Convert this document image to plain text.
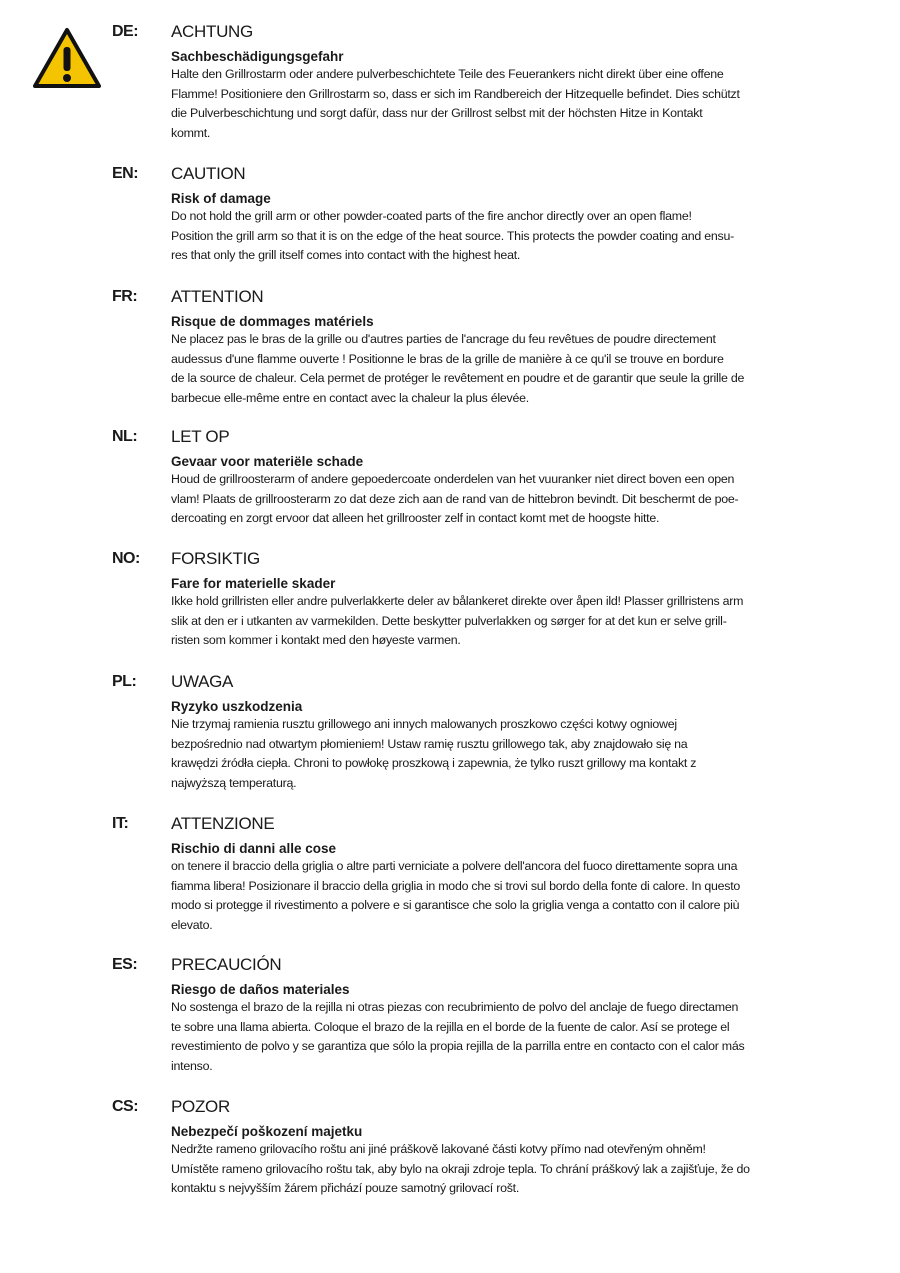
DE: ACHTUNG
Sachbeschädigungsgefahr
Halte den Grillrostarm oder andere pulverbeschichtete Teile des Feuerankers nicht direkt über eine offene
Flamme! Positioniere den Grillrostarm so, dass er sich im Randbereich der Hitzequelle befindet. Dies schützt
die Pulverbeschichtung und sorgt dafür, dass nur der Grillrost selbst mit der höchsten Hitze in Kontakt
kommt.
EN: CAUTION
Risk of damage
Do not hold the grill arm or other powder-coated parts of the fire anchor directly over an open flame!
Position the grill arm so that it is on the edge of the heat source. This protects the powder coating and ensu-
res that only the grill itself comes into contact with the highest heat.
FR: ATTENTION
Risque de dommages matériels
Ne placez pas le bras de la grille ou d'autres parties de l'ancrage du feu revêtues de poudre directement
audessus d'une flamme ouverte ! Positionne le bras de la grille de manière à ce qu'il se trouve en bordure
de la source de chaleur. Cela permet de protéger le revêtement en poudre et de garantir que seule la grille de
barbecue elle-même entre en contact avec la chaleur la plus élevée.
NL: LET OP
Gevaar voor materiële schade
Houd de grillroosterarm of andere gepoedercoate onderdelen van het vuuranker niet direct boven een open
vlam! Plaats de grillroosterarm zo dat deze zich aan de rand van de hittebron bevindt. Dit beschermt de poe-
dercoating en zorgt ervoor dat alleen het grillrooster zelf in contact komt met de hoogste hitte.
NO: FORSIKTIG
Fare for materielle skader
Ikke hold grillristen eller andre pulverlakkerte deler av bålankeret direkte over åpen ild! Plasser grillristens arm
slik at den er i utkanten av varmekilden. Dette beskytter pulverlakken og sørger for at det kun er selve grill-
risten som kommer i kontakt med den høyeste varmen.
PL: UWAGA
Ryzyko uszkodzenia
Nie trzymaj ramienia rusztu grillowego ani innych malowanych proszkowo części kotwy ogniowej
bezpośrednio nad otwartym płomieniem! Ustaw ramię rusztu grillowego tak, aby znajdowało się na
krawędzi źródła ciepła. Chroni to powłokę proszkową i zapewnia, że tylko ruszt grillowy ma kontakt z
najwyższą temperaturą.
IT:	ATTENZIONE
Rischio di danni alle cose
on tenere il braccio della griglia o altre parti verniciate a polvere dell'ancora del fuoco direttamente sopra una
fiamma libera! Posizionare il braccio della griglia in modo che si trovi sul bordo della fonte di calore. In questo
modo si protegge il rivestimento a polvere e si garantisce che solo la griglia venga a contatto con il calore più
elevato.
ES: PRECAUCIÓN
Riesgo de daños materiales
No sostenga el brazo de la rejilla ni otras piezas con recubrimiento de polvo del anclaje de fuego directamen
te sobre una llama abierta. Coloque el brazo de la rejilla en el borde de la fuente de calor. Así se protege el
revestimiento de polvo y se garantiza que sólo la propia rejilla de la parrilla entre en contacto con el calor más
intenso.
CS: POZOR
Nebezpečí poškození majetku
Nedržte rameno grilovacího roštu ani jiné práškově lakované části kotvy přímo nad otevřeným ohněm!
Umístěte rameno grilovacího roštu tak, aby bylo na okraji zdroje tepla. To chrání práškový lak a zajišťuje, že do
kontaktu s nejvyšším žárem přichází pouze samotný grilovací rošt.
